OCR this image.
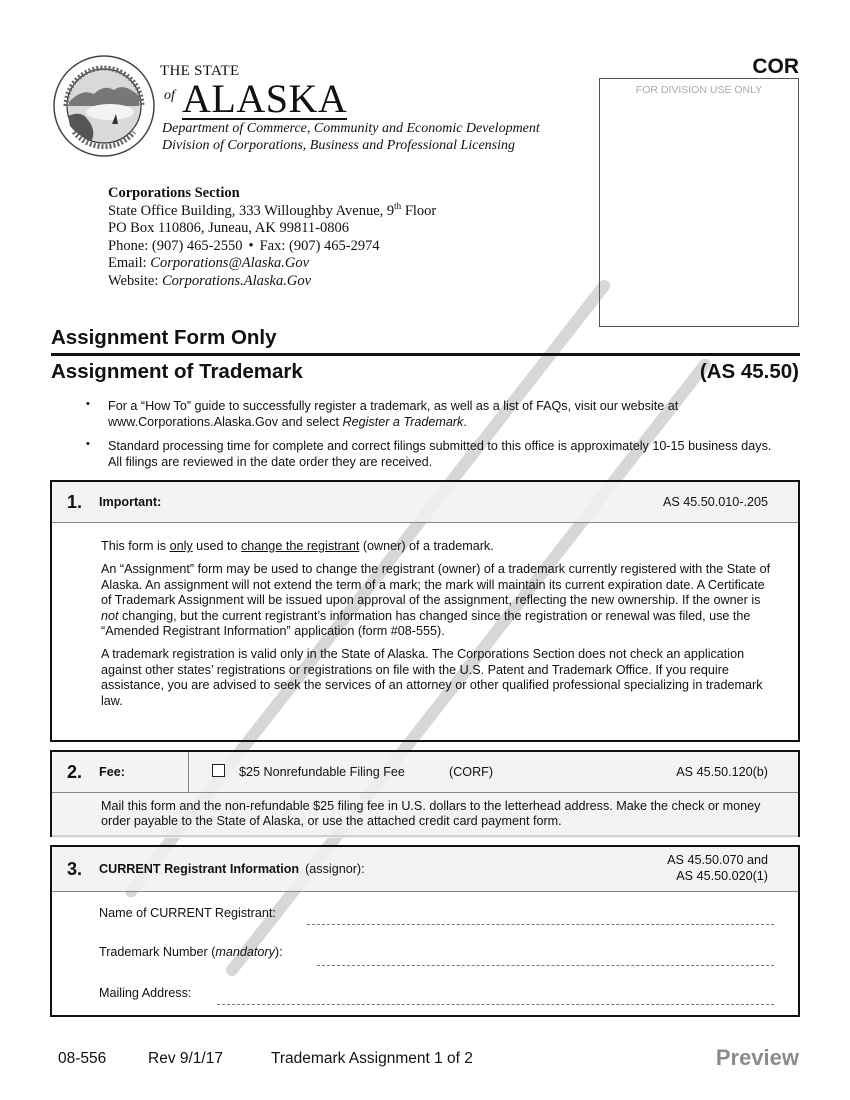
THE STATE
of ALASKA
Department of Commerce, Community and Economic Development
Division of Corporations, Business and Professional Licensing
COR
FOR DIVISION USE ONLY
Corporations Section
State Office Building, 333 Willoughby Avenue, 9th Floor
PO Box 110806, Juneau, AK 99811-0806
Phone: (907) 465-2550 • Fax: (907) 465-2974
Email: Corporations@Alaska.Gov
Website: Corporations.Alaska.Gov
Assignment Form Only
Assignment of Trademark	(AS 45.50)
• For a “How To” guide to successfully register a trademark, as well as a list of FAQs, visit our website at www.Corporations.Alaska.Gov and select Register a Trademark.
• Standard processing time for complete and correct filings submitted to this office is approximately 10-15 business days. All filings are reviewed in the date order they are received.
1. Important:	AS 45.50.010-.205

This form is only used to change the registrant (owner) of a trademark.

An “Assignment” form may be used to change the registrant (owner) of a trademark currently registered with the State of Alaska. An assignment will not extend the term of a mark; the mark will maintain its current expiration date. A Certificate of Trademark Assignment will be issued upon approval of the assignment, reflecting the new ownership. If the owner is not changing, but the current registrant’s information has changed since the registration or renewal was filed, use the “Amended Registrant Information” application (form #08-555).

A trademark registration is valid only in the State of Alaska. The Corporations Section does not check an application against other states’ registrations or registrations on file with the U.S. Patent and Trademark Office. If you require assistance, you are advised to seek the services of an attorney or other qualified professional specializing in trademark law.

2. Fee:	$25 Nonrefundable Filing Fee	(CORF)	AS 45.50.120(b)
Mail this form and the non-refundable $25 filing fee in U.S. dollars to the letterhead address. Make the check or money order payable to the State of Alaska, or use the attached credit card payment form.
3. CURRENT Registrant Information (assignor):
AS 45.50.070 and
AS 45.50.020(1)
Name of CURRENT Registrant:
Trademark Number (mandatory):
Mailing Address:
08-556	Rev 9/1/17	Trademark Assignment 1 of 2	Preview
